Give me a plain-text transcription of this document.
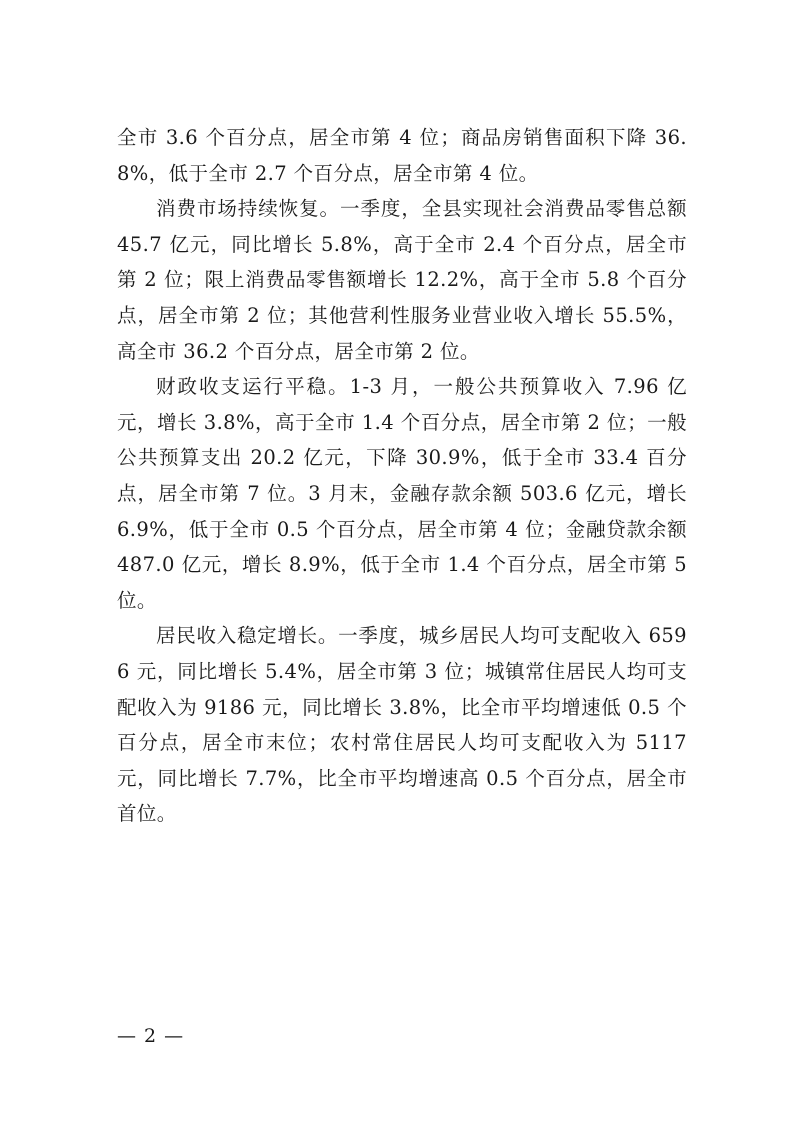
全市 3.6 个百分点，居全市第 4 位；商品房销售面积下降 36.8%，低于全市 2.7 个百分点，居全市第 4 位。

消费市场持续恢复。一季度，全县实现社会消费品零售总额 45.7 亿元，同比增长 5.8%，高于全市 2.4 个百分点，居全市第 2 位；限上消费品零售额增长 12.2%，高于全市 5.8 个百分点，居全市第 2 位；其他营利性服务业营业收入增长 55.5%，高全市 36.2 个百分点，居全市第 2 位。

财政收支运行平稳。1-3 月，一般公共预算收入 7.96 亿元，增长 3.8%，高于全市 1.4 个百分点，居全市第 2 位；一般公共预算支出 20.2 亿元，下降 30.9%，低于全市 33.4 百分点，居全市第 7 位。3 月末，金融存款余额 503.6 亿元，增长 6.9%，低于全市 0.5 个百分点，居全市第 4 位；金融贷款余额 487.0 亿元，增长 8.9%，低于全市 1.4 个百分点，居全市第 5 位。

居民收入稳定增长。一季度，城乡居民人均可支配收入 6596 元，同比增长 5.4%，居全市第 3 位；城镇常住居民人均可支配收入为 9186 元，同比增长 3.8%，比全市平均增速低 0.5 个百分点，居全市末位；农村常住居民人均可支配收入为 5117 元，同比增长 7.7%，比全市平均增速高 0.5 个百分点，居全市首位。

— 2 —
